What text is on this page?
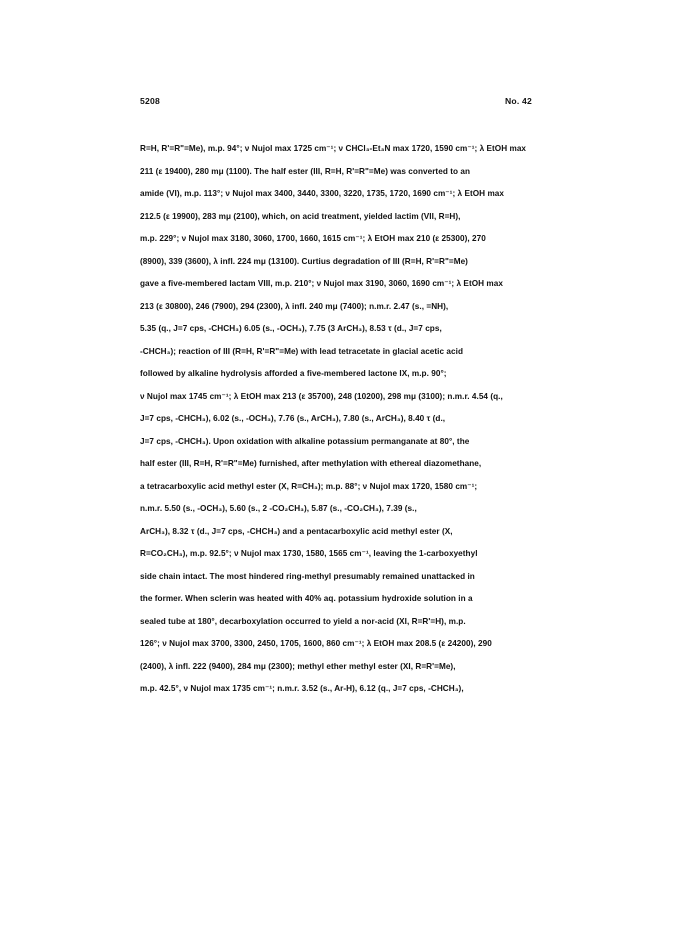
5208	No. 42
R=H, R'=R"=Me), m.p. 94°; ν Nujol max 1725 cm⁻¹; ν CHCl₃-Et₃N max 1720, 1590 cm⁻¹; λ EtOH max
211 (ε 19400), 280 mμ (1100). The half ester (III, R=H, R'=R"=Me) was converted to an
amide (VI), m.p. 113°; ν Nujol max 3400, 3440, 3300, 3220, 1735, 1720, 1690 cm⁻¹; λ EtOH max
212.5 (ε 19900), 283 mμ (2100), which, on acid treatment, yielded lactim (VII, R=H),
m.p. 229°; ν Nujol max 3180, 3060, 1700, 1660, 1615 cm⁻¹; λ EtOH max 210 (ε 25300), 270
(8900), 339 (3600), λ infl. 224 mμ (13100). Curtius degradation of III (R=H, R'=R"=Me)
gave a five-membered lactam VIII, m.p. 210°; ν Nujol max 3190, 3060, 1690 cm⁻¹; λ EtOH max
213 (ε 30800), 246 (7900), 294 (2300), λ infl. 240 mμ (7400); n.m.r. 2.47 (s., =NH),
5.35 (q., J=7 cps, -CHCH₃) 6.05 (s., -OCH₃), 7.75 (3 ArCH₃), 8.53 τ (d., J=7 cps,
-CHCH₃); reaction of III (R=H, R'=R"=Me) with lead tetracetate in glacial acetic acid
followed by alkaline hydrolysis afforded a five-membered lactone IX, m.p. 90°;
ν Nujol max 1745 cm⁻¹; λ EtOH max 213 (ε 35700), 248 (10200), 298 mμ (3100); n.m.r. 4.54 (q.,
J=7 cps, -CHCH₃), 6.02 (s., -OCH₃), 7.76 (s., ArCH₃), 7.80 (s., ArCH₃), 8.40 τ (d.,
J=7 cps, -CHCH₃). Upon oxidation with alkaline potassium permanganate at 80°, the
half ester (III, R=H, R'=R"=Me) furnished, after methylation with ethereal diazomethane,
a tetracarboxylic acid methyl ester (X, R=CH₃); m.p. 88°; ν Nujol max 1720, 1580 cm⁻¹;
n.m.r. 5.50 (s., -OCH₃), 5.60 (s., 2 -CO₂CH₃), 5.87 (s., -CO₂CH₃), 7.39 (s.,
ArCH₃), 8.32 τ (d., J=7 cps, -CHCH₃) and a pentacarboxylic acid methyl ester (X,
R=CO₂CH₃), m.p. 92.5°; ν Nujol max 1730, 1580, 1565 cm⁻¹, leaving the 1-carboxyethyl
side chain intact. The most hindered ring-methyl presumably remained unattacked in
the former. When sclerin was heated with 40% aq. potassium hydroxide solution in a
sealed tube at 180°, decarboxylation occurred to yield a nor-acid (XI, R=R'=H), m.p.
126°; ν Nujol max 3700, 3300, 2450, 1705, 1600, 860 cm⁻¹; λ EtOH max 208.5 (ε 24200), 290
(2400), λ infl. 222 (9400), 284 mμ (2300); methyl ether methyl ester (XI, R=R'=Me),
m.p. 42.5°, ν Nujol max 1735 cm⁻¹; n.m.r. 3.52 (s., Ar-H), 6.12 (q., J=7 cps, -CHCH₃),
